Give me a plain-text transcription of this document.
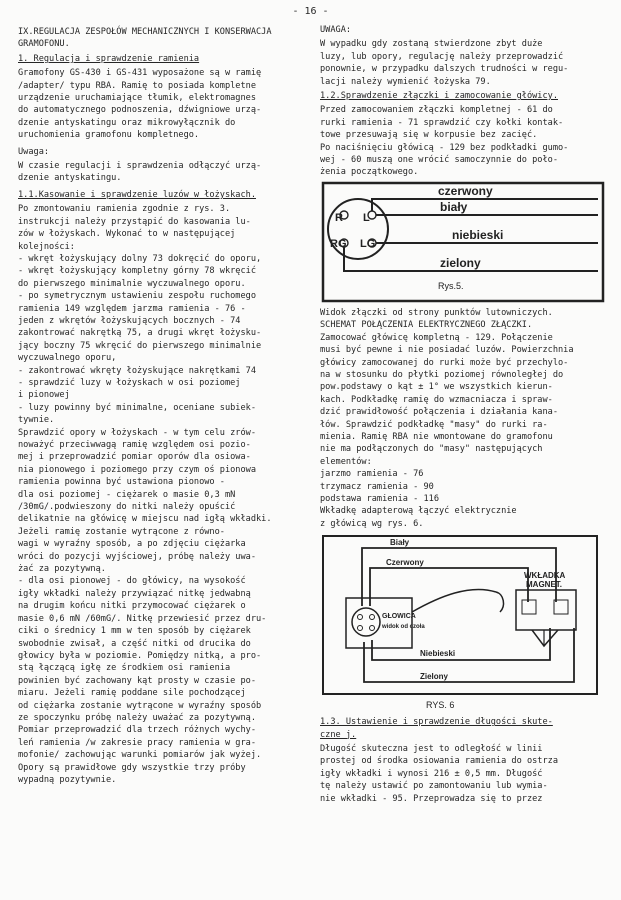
- 16 -
IX.REGULACJA ZESPOŁÓW MECHANICZNYCH I KONSERWACJA
GRAMOFONU.
1. Regulacja i sprawdzenie ramienia
Gramofony GS-430 i GS-431 wyposażone są w ramię
/adapter/ typu RBA. Ramię to posiada kompletne
urządzenie uruchamiające tłumik, elektromagnes
do automatycznego podnoszenia, dźwigniowe urzą-
dzenie antyskatingu oraz mikrowyłącznik do
uruchomienia gramofonu kompletnego.
Uwaga:
W czasie regulacji i sprawdzenia odłączyć urzą-
dzenie antyskatingu.
1.1.Kasowanie i sprawdzenie luzów w łożyskach.
Po zmontowaniu ramienia zgodnie z rys. 3.
instrukcji należy przystąpić do kasowania lu-
zów w łożyskach. Wykonać to w następującej
kolejności:
- wkręt łożyskujący dolny 73 dokręcić do oporu,
- wkręt łożyskujący kompletny górny 78 wkręcić
do pierwszego minimalnie wyczuwalnego oporu.
- po symetrycznym ustawieniu zespołu ruchomego
ramienia 149 względem jarzma ramienia - 76 -
jeden z wkrętów łożyskujących bocznych - 74
zakontrować nakrętką 75, a drugi wkręt łożysku-
jący boczny 75 wkręcić do pierwszego minimalnie
wyczuwalnego oporu,
- zakontrować wkręty łożyskujące nakrętkami 74
- sprawdzić luzy w łożyskach w osi poziomej
i pionowej
- luzy powinny być minimalne, oceniane subiek-
tywnie.
Sprawdzić opory w łożyskach - w tym celu zrów-
noważyć przeciwwagą ramię względem osi pozio-
mej i przeprowadzić pomiar oporów dla osiowa-
nia pionowego i poziomego przy czym oś pionowa
ramienia powinna być ustawiona pionowo -
dla osi poziomej - ciężarek o masie 0,3 mN
/30mG/.podwieszony do nitki należy opuścić
delikatnie na główicę w miejscu nad igłą wkładki.
Jeżeli ramię zostanie wytrącone z równo-
wagi w wyraźny sposób, a po zdjęciu ciężarka
wróci do pozycji wyjściowej, próbę należy uwa-
żać za pozytywną.
- dla osi pionowej - do główicy, na wysokość
igły wkładki należy przywiązać nitkę jedwabną
na drugim końcu nitki przymocować ciężarek o
masie 0,6 mN /60mG/. Nitkę przewiesić przez dru-
ciki o średnicy 1 mm w ten sposób by ciężarek
swobodnie zwisał, a część nitki od drucika do
głowicy była w poziomie. Pomiędzy nitką, a pro-
stą łączącą igłę ze środkiem osi ramienia
powinien być zachowany kąt prosty w czasie po-
miaru. Jeżeli ramię poddane sile pochodzącej
od ciężarka zostanie wytrącone w wyraźny sposób
ze spoczynku próbę należy uważać za pozytywną.
Pomiar przeprowadzić dla trzech różnych wychy-
leń ramienia /w zakresie pracy ramienia w gra-
mofonie/ zachowując warunki pomiarów jak wyżej.
Opory są prawidłowe gdy wszystkie trzy próby
wypadną pozytywnie.
UWAGA:
W wypadku gdy zostaną stwierdzone zbyt duże
luzy, lub opory, regulację należy przeprowadzić
ponownie, w przypadku dalszych trudności w regu-
lacji należy wymienić łożyska 79.
1.2.Sprawdzenie złączki i zamocowanie główicy.
Przed zamocowaniem złączki kompletnej - 61 do
rurki ramienia - 71 sprawdzić czy kołki kontak-
towe przesuwają się w korpusie bez zacięć.
Po naciśnięciu główicą - 129 bez podkładki gumo-
wej - 60 muszą one wrócić samoczynnie do poło-
żenia początkowego.
R L
RG LG
czerwony
biały
niebieski
zielony
Rys.5.
Widok złączki od strony punktów lutowniczych.
SCHEMAT POŁĄCZENIA ELEKTRYCZNEGO ZŁĄCZKI.
Zamocować główicę kompletną - 129. Połączenie
musi być pewne i nie posiadać luzów. Powierzchnia
główicy zamocowanej do rurki może być przechylo-
na w stosunku do płytki poziomej równoległej do
pow.podstawy o kąt ± 1° we wszystkich kierun-
kach. Podkładkę ramię do wzmacniacza i spraw-
dzić prawidłowość połączenia i działania kana-
łów. Sprawdzić podkładkę "masy" do rurki ra-
mienia. Ramię RBA nie wmontowane do gramofonu
nie ma podłączonych do "masy" następujących
elementów:
jarzmo ramienia - 76
trzymacz ramienia - 90
podstawa ramienia - 116
Wkładkę adapterową łączyć elektrycznie
z główicą wg rys. 6.
Biały
Czerwony
Niebieski
Zielony
GŁOWICA
widok od czoła
WKŁADKA
MAGNET.
RYS. 6
1.3. Ustawienie i sprawdzenie długości skute-
czne j.
Długość skuteczna jest to odległość w linii
prostej od środka osiowania ramienia do ostrza
igły wkładki i wynosi 216 ± 0,5 mm. Długość
tę należy ustawić po zamontowaniu lub wymia-
nie wkładki - 95. Przeprowadza się to przez
